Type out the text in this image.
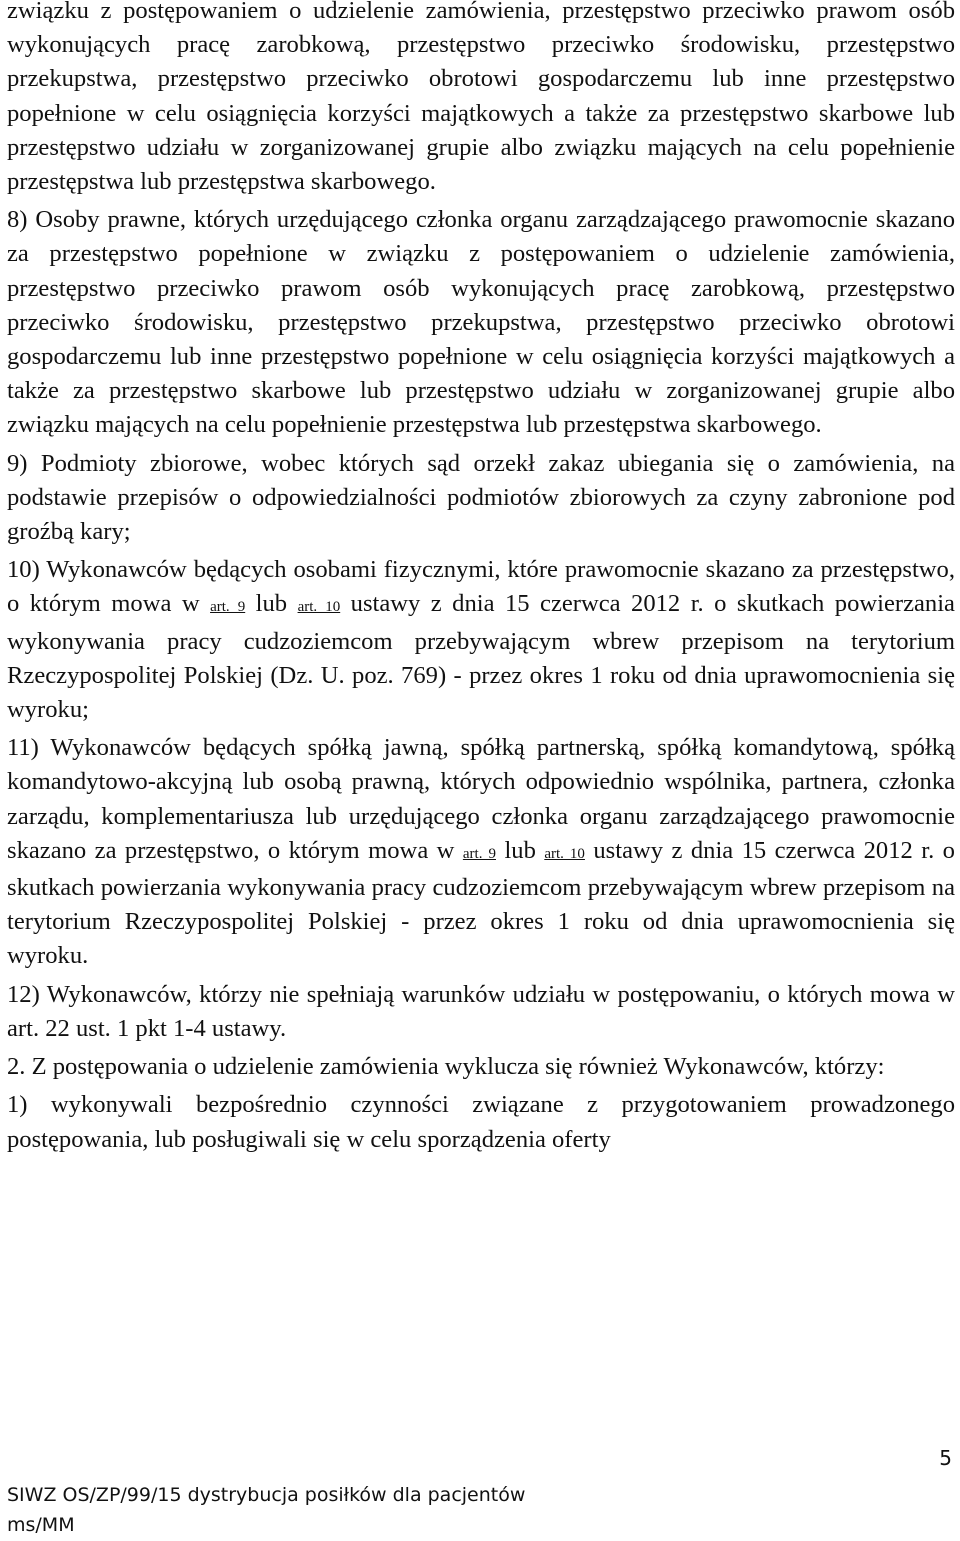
związku z postępowaniem o udzielenie zamówienia, przestępstwo przeciwko prawom osób wykonujących pracę zarobkową, przestępstwo przeciwko środowisku, przestępstwo przekupstwa, przestępstwo przeciwko obrotowi gospodarczemu lub inne przestępstwo popełnione w celu osiągnięcia korzyści majątkowych a także za przestępstwo skarbowe lub przestępstwo udziału w zorganizowanej grupie albo związku mających na celu popełnienie przestępstwa lub przestępstwa skarbowego.

8) Osoby prawne, których urzędującego członka organu zarządzającego prawomocnie skazano za przestępstwo popełnione w związku z postępowaniem o udzielenie zamówienia, przestępstwo przeciwko prawom osób wykonujących pracę zarobkową, przestępstwo przeciwko środowisku, przestępstwo przekupstwa, przestępstwo przeciwko obrotowi gospodarczemu lub inne przestępstwo popełnione w celu osiągnięcia korzyści majątkowych a także za przestępstwo skarbowe lub przestępstwo udziału w zorganizowanej grupie albo związku mających na celu popełnienie przestępstwa lub przestępstwa skarbowego.

9) Podmioty zbiorowe, wobec których sąd orzekł zakaz ubiegania się o zamówienia, na podstawie przepisów o odpowiedzialności podmiotów zbiorowych za czyny zabronione pod groźbą kary;

10) Wykonawców będących osobami fizycznymi, które prawomocnie skazano za przestępstwo, o którym mowa w art. 9 lub art. 10 ustawy z dnia 15 czerwca 2012 r. o skutkach powierzania wykonywania pracy cudzoziemcom przebywającym wbrew przepisom na terytorium Rzeczypospolitej Polskiej (Dz. U. poz. 769) - przez okres 1 roku od dnia uprawomocnienia się wyroku;

11) Wykonawców będących spółką jawną, spółką partnerską, spółką komandytową, spółką komandytowo-akcyjną lub osobą prawną, których odpowiednio wspólnika, partnera, członka zarządu, komplementariusza lub urzędującego członka organu zarządzającego prawomocnie skazano za przestępstwo, o którym mowa w art. 9 lub art. 10 ustawy z dnia 15 czerwca 2012 r. o skutkach powierzania wykonywania pracy cudzoziemcom przebywającym wbrew przepisom na terytorium Rzeczypospolitej Polskiej - przez okres 1 roku od dnia uprawomocnienia się wyroku.

12) Wykonawców, którzy nie spełniają warunków udziału w postępowaniu, o których mowa w art. 22 ust. 1 pkt 1-4 ustawy.

2. Z postępowania o udzielenie zamówienia wyklucza się również Wykonawców, którzy:

1) wykonywali bezpośrednio czynności związane z przygotowaniem prowadzonego postępowania, lub posługiwali się w celu sporządzenia oferty

5
SIWZ OS/ZP/99/15 dystrybucja posiłków dla pacjentów
ms/MM
